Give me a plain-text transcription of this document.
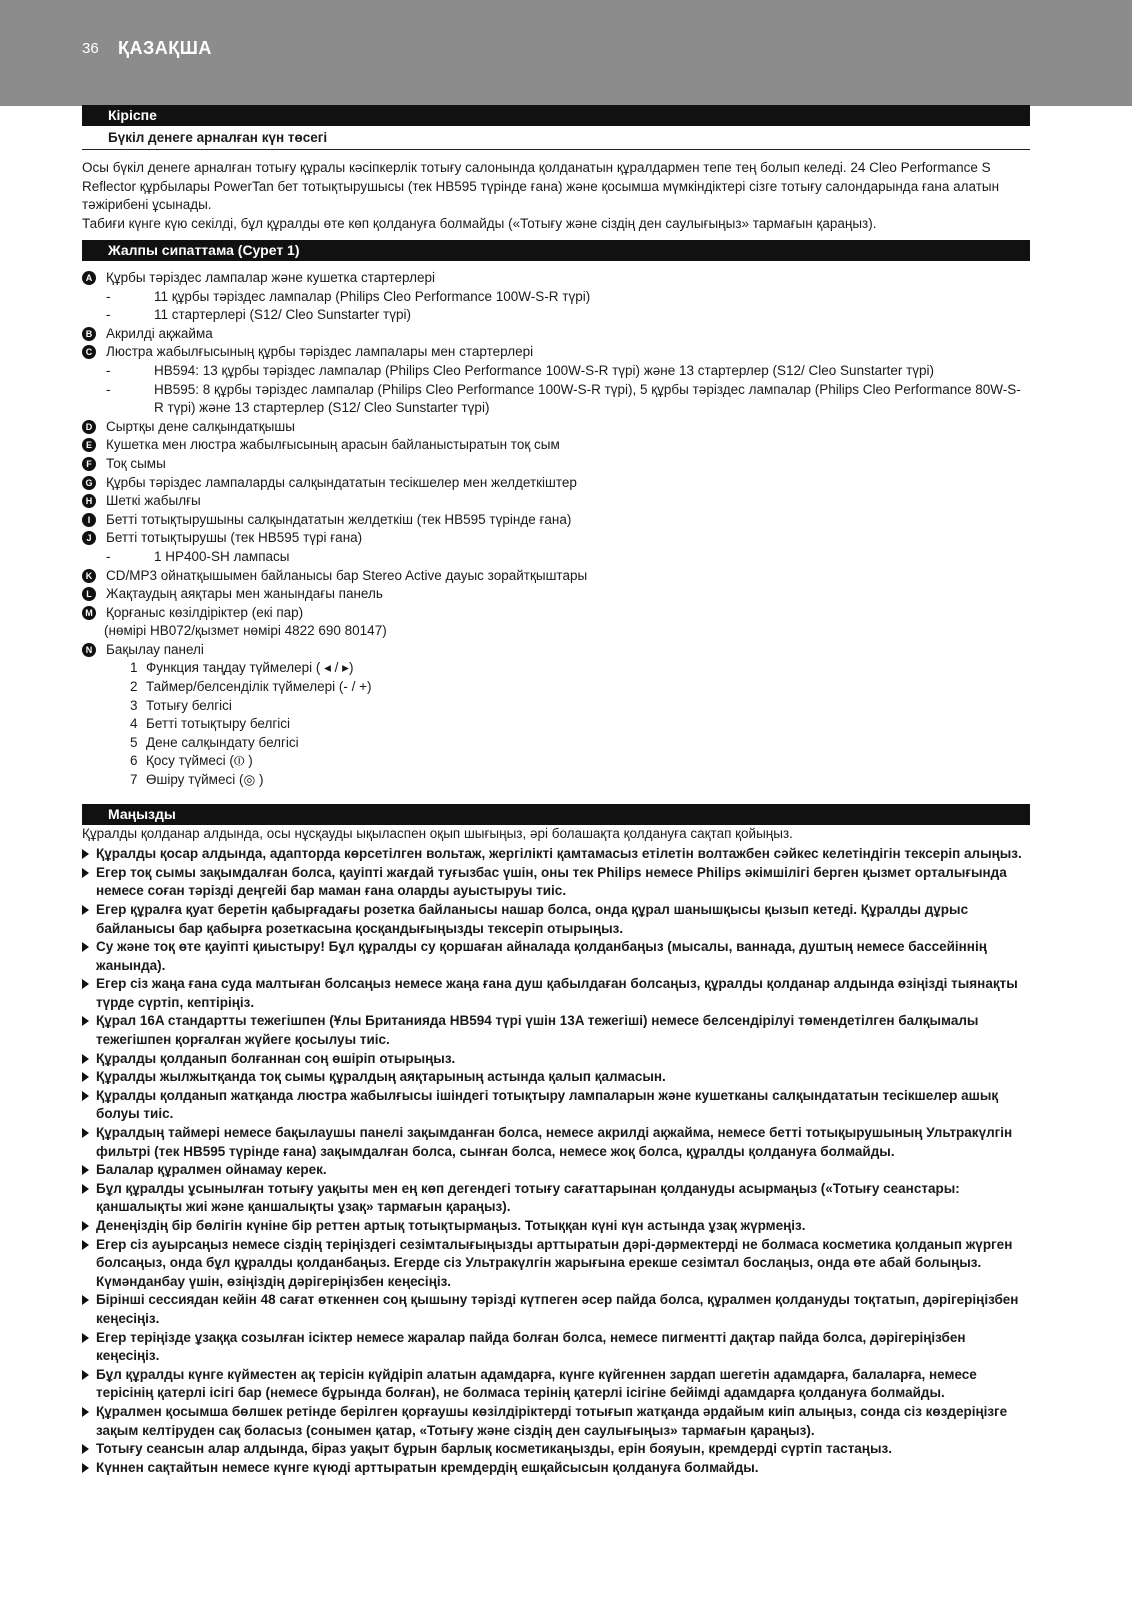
36 ҚАЗАҚША
Кіріспе
Бүкіл денеге арналған күн төсегі

Осы бүкіл денеге арналған тотығу құралы кәсіпкерлік тотығу салонында қолданатын құралдармен тепе тең болып келеді. 24 Cleo Performance S Reflector құрбылары PowerTan бет тотықтырушысы (тек HB595 түрінде ғана) және қосымша мүмкіндіктері сізге тотығу салондарында ғана алатын тәжірибені ұсынады.

Табиғи күнге күю секілді, бұл құралды өте көп қолдануға болмайды («Тотығу және сіздің ден саулығыңыз» тармағын қараңыз).

Жалпы сипаттама (Сурет 1)
A Құрбы тәріздес лампалар және кушетка стартерлері
-	11 құрбы тәріздес лампалар (Philips Cleo Performance 100W-S-R түрі)
-	11 стартерлері (S12/ Cleo Sunstarter түрі)
B Акрилді ақжайма
C Люстра жабылғысының құрбы тәріздес лампалары мен стартерлері
-	HB594: 13 құрбы тәріздес лампалар (Philips Cleo Performance 100W-S-R түрі) және 13 стартерлер (S12/ Cleo Sunstarter түрі)
-	HB595: 8 құрбы тәріздес лампалар (Philips Cleo Performance 100W-S-R түрі), 5 құрбы тәріздес лампалар (Philips Cleo Performance 80W-S-R түрі) және 13 стартерлер (S12/ Cleo Sunstarter түрі)
D Сыртқы дене салқындатқышы
E Кушетка мен люстра жабылғысының арасын байланыстыратын тоқ сым
F	Тоқ сымы
G Құрбы тәріздес лампаларды салқындататын тесікшелер мен желдеткіштер
H Шеткі жабылғы
I	Бетті тотықтырушыны салқындататын желдеткіш (тек HB595 түрінде ғана)
J	Бетті тотықтырушы (тек HB595 түрі ғана)
-	1 HP400-SH лампасы
K CD/MP3 ойнатқышымен байланысы бар Stereo Active дауыс зорайтқыштары
L	Жақтаудың аяқтары мен жанындағы панель
M Қорғаныс көзілдіріктер (екі пар)
(нөмірі HB072/қызмет нөмірі 4822 690 80147)
N Бақылау панелі
1 Функция таңдау түймелері ( ◂ / ▸)
2 Таймер/белсенділік түймелері (- / +)
3 Тотығу белгісі
4 Бетті тотықтыру белгісі
5 Дене салқындату белгісі
6 Қосу түймесі (⏼ )
7 Өшіру түймесі (◎ )
Маңызды

Құралды қолданар алдында, осы нұсқауды ықыласпен оқып шығыңыз, әрі болашақта қолдануға сақтап қойыңыз.

Құралды қосар алдында, адапторда көрсетілген вольтаж, жергілікті қамтамасыз етілетін волтажбен сәйкес келетіндігін тексеріп алыңыз.
Егер тоқ сымы зақымдалған болса, қауіпті жағдай туғызбас үшін, оны тек Philips немесе Philips әкімшілігі берген қызмет орталығында немесе соған тәрізді деңгейі бар маман ғана оларды ауыстыруы тиіс.
Егер құралға қуат беретін қабырғадағы розетка байланысы нашар болса, онда құрал шанышқысы қызып кетеді. Құралды дұрыс байланысы бар қабырға розеткасына қосқандығыңызды тексеріп отырыңыз.
Су және тоқ өте қауіпті қиыстыру! Бұл құралды су қоршаған айналада қолданбаңыз (мысалы, ваннада, душтың немесе бассейіннің жанында).
Егер сіз жаңа ғана суда малтыған болсаңыз немесе жаңа ғана душ қабылдаған болсаңыз, құралды қолданар алдында өзіңізді тыянақты түрде сүртіп, кептіріңіз.
Құрал 16A стандартты тежегішпен (Ұлы Британияда HB594 түрі үшін 13A тежегіші) немесе белсендірілуі төмендетілген балқымалы тежегішпен қорғалған жүйеге қосылуы тиіс.
Құралды қолданып болғаннан соң өшіріп отырыңыз.
Құралды жылжытқанда тоқ сымы құралдың аяқтарының астында қалып қалмасын.
Құралды қолданып жатқанда люстра жабылғысы ішіндегі тотықтыру лампаларын және кушетканы салқындататын тесікшелер ашық болуы тиіс.
Құралдың таймері немесе бақылаушы панелі зақымданған болса, немесе акрилді ақжайма, немесе бетті тотықырушының Ультракүлгін фильтрі (тек HB595 түрінде ғана) зақымдалған болса, сынған болса, немесе жоқ болса, құралды қолдануға болмайды.
Балалар құралмен ойнамау керек.
Бұл құралды ұсынылған тотығу уақыты мен ең көп дегендегі тотығу сағаттарынан қолдануды асырмаңыз («Тотығу сеанстары: қаншалықты жиі және қаншалықты ұзақ» тармағын қараңыз).
Денеңіздің бір бөлігін күніне бір реттен артық тотықтырмаңыз. Тотыққан күні күн астында ұзақ жүрмеңіз.
Егер сіз ауырсаңыз немесе сіздің теріңіздегі сезімталығыңызды арттыратын дәрі-дәрмектерді не болмаса косметика қолданып жүрген болсаңыз, онда бұл құралды қолданбаңыз. Егерде сіз Ультракүлгін жарығына ерекше сезімтал бослаңыз, онда өте абай болыңыз. Күмәнданбау үшін, өзіңіздің дәрігеріңізбен кеңесіңіз.
Бірінші сессиядан кейін 48 сағат өткеннен соң қышыну тәрізді күтпеген әсер пайда болса, құралмен қолдануды тоқтатып, дәрігеріңізбен кеңесіңіз.
Егер теріңізде ұзаққа созылған ісіктер немесе жаралар пайда болған болса, немесе пигментті дақтар пайда болса, дәрігеріңізбен кеңесіңіз.
Бұл құралды күнге күйместен ақ терісін күйдіріп алатын адамдарға, күнге күйгеннен зардап шегетін адамдарға, балаларға, немесе терісінің қатерлі ісігі бар (немесе бұрында болған), не болмаса терінің қатерлі ісігіне бейімді адамдарға қолдануға болмайды.
Құралмен қосымша бөлшек ретінде берілген қорғаушы көзілдіріктерді тотығып жатқанда әрдайым киіп алыңыз, сонда сіз көздеріңізге зақым келтіруден сақ боласыз (сонымен қатар, «Тотығу және сіздің ден саулығыңыз» тармағын қараңыз).
Тотығу сеансын алар алдында, біраз уақыт бұрын барлық косметикаңызды, ерін бояуын, кремдерді сүртіп тастаңыз.
Күннен сақтайтын немесе күнге күюді арттыратын кремдердің ешқайсысын қолдануға болмайды.
